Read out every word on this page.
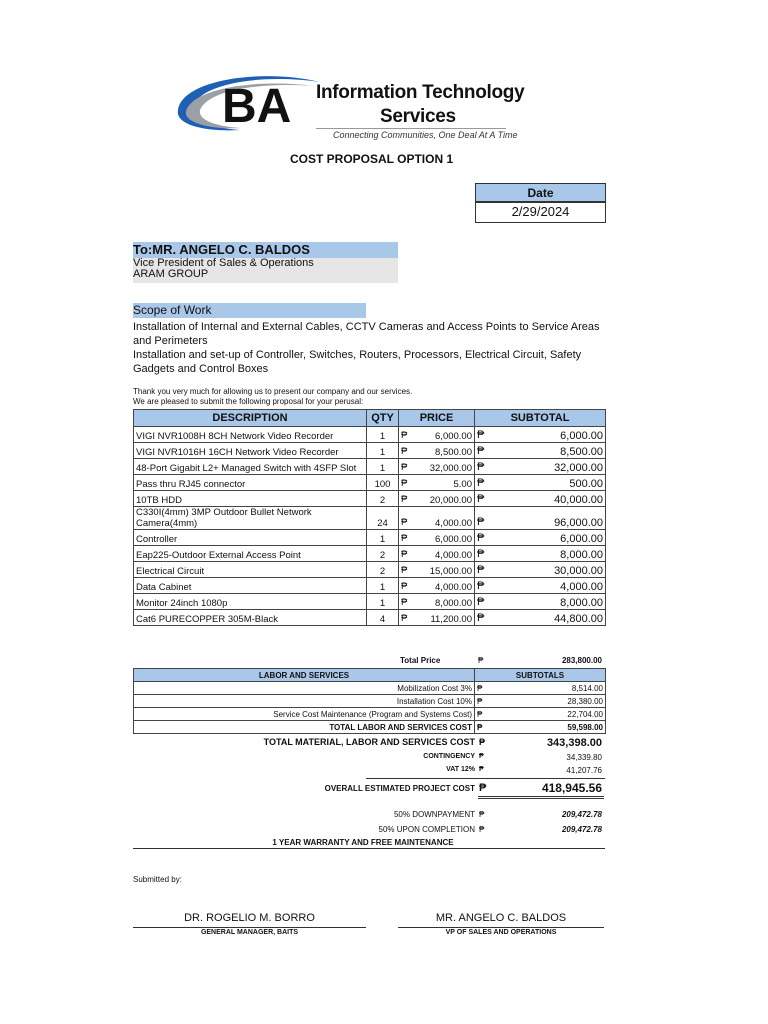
BA Information Technology
Services
Connecting Communities, One Deal At A Time
COST PROPOSAL OPTION 1
Date
2/29/2024
To:MR. ANGELO C. BALDOS
Vice President of Sales & Operations
ARAM GROUP
Scope of Work
Installation of Internal and External Cables, CCTV Cameras and Access Points to Service Areas and Perimeters
Installation and set-up of Controller, Switches, Routers, Processors, Electrical Circuit, Safety Gadgets and Control Boxes
Thank you very much for allowing us to present our company and our services.
We are pleased to submit the following proposal for your perusal:
DESCRIPTION	QTY	PRICE	SUBTOTAL
VIGI NVR1008H 8CH Network Video Recorder	1	₱ 6,000.00	₱ 6,000.00
VIGI NVR1016H 16CH Network Video Recorder	1	₱ 8,500.00	₱ 8,500.00
48-Port Gigabit L2+ Managed Switch with 4SFP Slot	1	₱ 32,000.00	₱ 32,000.00
Pass thru RJ45 connector	100	₱ 5.00	₱ 500.00
10TB HDD	2	₱ 20,000.00	₱ 40,000.00
C330I(4mm) 3MP Outdoor Bullet Network Camera(4mm)	24	₱ 4,000.00	₱ 96,000.00
Controller	1	₱ 6,000.00	₱ 6,000.00
Eap225-Outdoor External Access Point	2	₱ 4,000.00	₱ 8,000.00
Electrical Circuit	2	₱ 15,000.00	₱ 30,000.00
Data Cabinet	1	₱ 4,000.00	₱ 4,000.00
Monitor 24inch 1080p	1	₱ 8,000.00	₱ 8,000.00
Cat6 PURECOPPER 305M-Black	4	₱ 11,200.00	₱ 44,800.00
Total Price	₱	283,800.00
LABOR AND SERVICES	SUBTOTALS
Mobilization Cost 3%	₱ 8,514.00
Installation Cost 10%	₱ 28,380.00
Service Cost Maintenance (Program and Systems Cost)	₱ 22,704.00
TOTAL LABOR AND SERVICES COST	₱ 59,598.00
TOTAL MATERIAL, LABOR AND SERVICES COST ₱	343,398.00
CONTINGENCY ₱	34,339.80
VAT 12% ₱	41,207.76
OVERALL ESTIMATED PROJECT COST ₱	418,945.56
50% DOWNPAYMENT ₱	209,472.78
50% UPON COMPLETION ₱	209,472.78
1 YEAR WARRANTY AND FREE MAINTENANCE
Submitted by:
DR. ROGELIO M. BORRO
GENERAL MANAGER, BAITS
MR. ANGELO C. BALDOS
VP OF SALES AND OPERATIONS
